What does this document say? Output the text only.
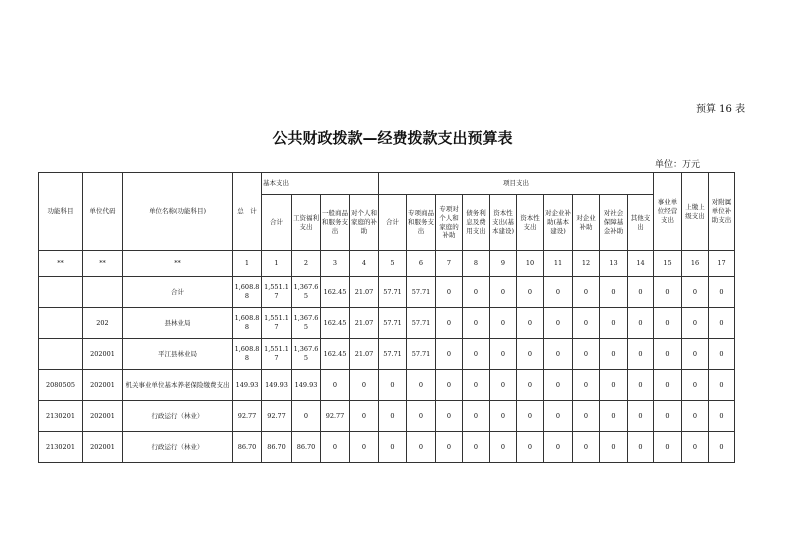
预算 16 表
公共财政拨款—经费拨款支出预算表
单位：万元
功能科目	单位代码	单位名称(功能科目)	总　计	基本支出				项目支出										事业单位经营支出	上缴上级支出	对附属单位补助支出
				合计	工资福利支出	一般商品和服务支出	对个人和家庭的补助	合计	专项商品和服务支出	专项对个人和家庭的补助	债务利息及费用支出	资本性支出(基本建设)	资本性支出	对企业补助(基本建设)	对企业补助	对社会保障基金补助	其他支出			
**	**	**	1	1	2	3	4	5	6	7	8	9	10	11	12	13	14	15	16	17
		合计	1,608.88	1,551.17	1,367.65	162.45	21.07	57.71	57.71	0	0	0	0	0	0	0	0	0	0	0
	202	县林业局	1,608.88	1,551.17	1,367.65	162.45	21.07	57.71	57.71	0	0	0	0	0	0	0	0	0	0	0
	202001	平江县林业局	1,608.88	1,551.17	1,367.65	162.45	21.07	57.71	57.71	0	0	0	0	0	0	0	0	0	0	0
2080505	202001	机关事业单位基本养老保险缴费支出	149.93	149.93	149.93	0	0	0	0	0	0	0	0	0	0	0	0	0	0	0
2130201	202001	行政运行（林业）	92.77	92.77	0	92.77	0	0	0	0	0	0	0	0	0	0	0	0	0	0
2130201	202001	行政运行（林业）	86.70	86.70	86.70	0	0	0	0	0	0	0	0	0	0	0	0	0	0	0
